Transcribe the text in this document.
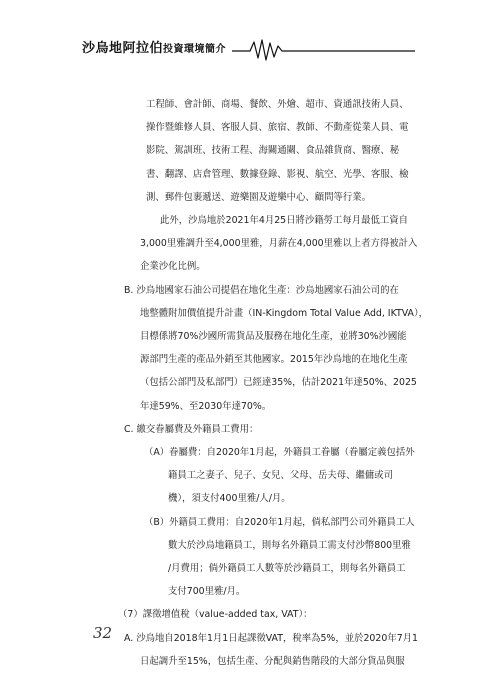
沙烏地阿拉伯投資環境簡介
工程師、會計師、商場、餐飲、外燴、超市、資通訊技術人員、
操作暨維修人員、客服人員、旅宿、教師、不動產從業人員、電
影院、駕訓班、技術工程、海關通關、食品雜貨商、醫療、秘
書、翻譯、店倉管理、數據登錄、影視、航空、光學、客服、檢
測、郵件包裹遞送、遊樂園及遊樂中心、顧問等行業。
此外，沙烏地於2021年4月25日將沙籍勞工每月最低工資自
3,000里雅調升至4,000里雅，月薪在4,000里雅以上者方得被計入
企業沙化比例。
B. 沙烏地國家石油公司提倡在地化生產：沙烏地國家石油公司的在
地整體附加價值提升計畫（IN-Kingdom Total Value Add, IKTVA），
目標係將70%沙國所需貨品及服務在地化生產，並將30%沙國能
源部門生產的產品外銷至其他國家。2015年沙烏地的在地化生產
（包括公部門及私部門）已經達35%，估計2021年達50%、2025
年達59%、至2030年達70%。
C. 繳交眷屬費及外籍員工費用：
（A）眷屬費：自2020年1月起，外籍員工眷屬（眷屬定義包括外
籍員工之妻子、兒子、女兒、父母、岳夫母、繼傭或司
機），須支付400里雅/人/月。
（B）外籍員工費用：自2020年1月起，倘私部門公司外籍員工人
數大於沙烏地籍員工，則每名外籍員工需支付沙幣800里雅
/月費用；倘外籍員工人數等於沙籍員工，則每名外籍員工
支付700里雅/月。
（7）課徵增值稅（value-added tax, VAT）：
A. 沙烏地自2018年1月1日起課徵VAT，稅率為5%，並於2020年7月1
日起調升至15%，包括生產、分配與銷售階段的大部分貨品與服
32
